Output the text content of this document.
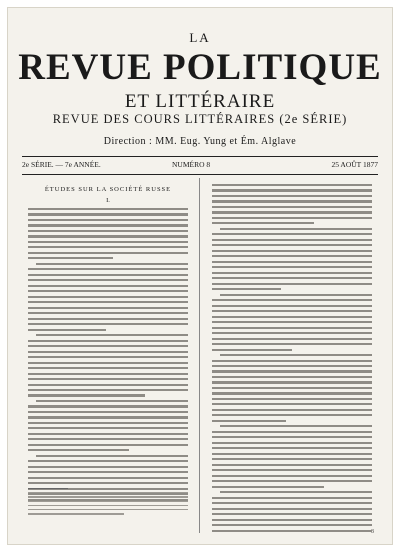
LA
REVUE POLITIQUE
ET LITTÉRAIRE
REVUE DES COURS LITTÉRAIRES (2e SÉRIE)
Direction : MM. Eug. Yung et Ém. Alglave
2e SÉRIE. — 7e ANNÉE.	NUMÉRO 8	25 AOÛT 1877
ÉTUDES SUR LA SOCIÉTÉ RUSSE
I.
3
